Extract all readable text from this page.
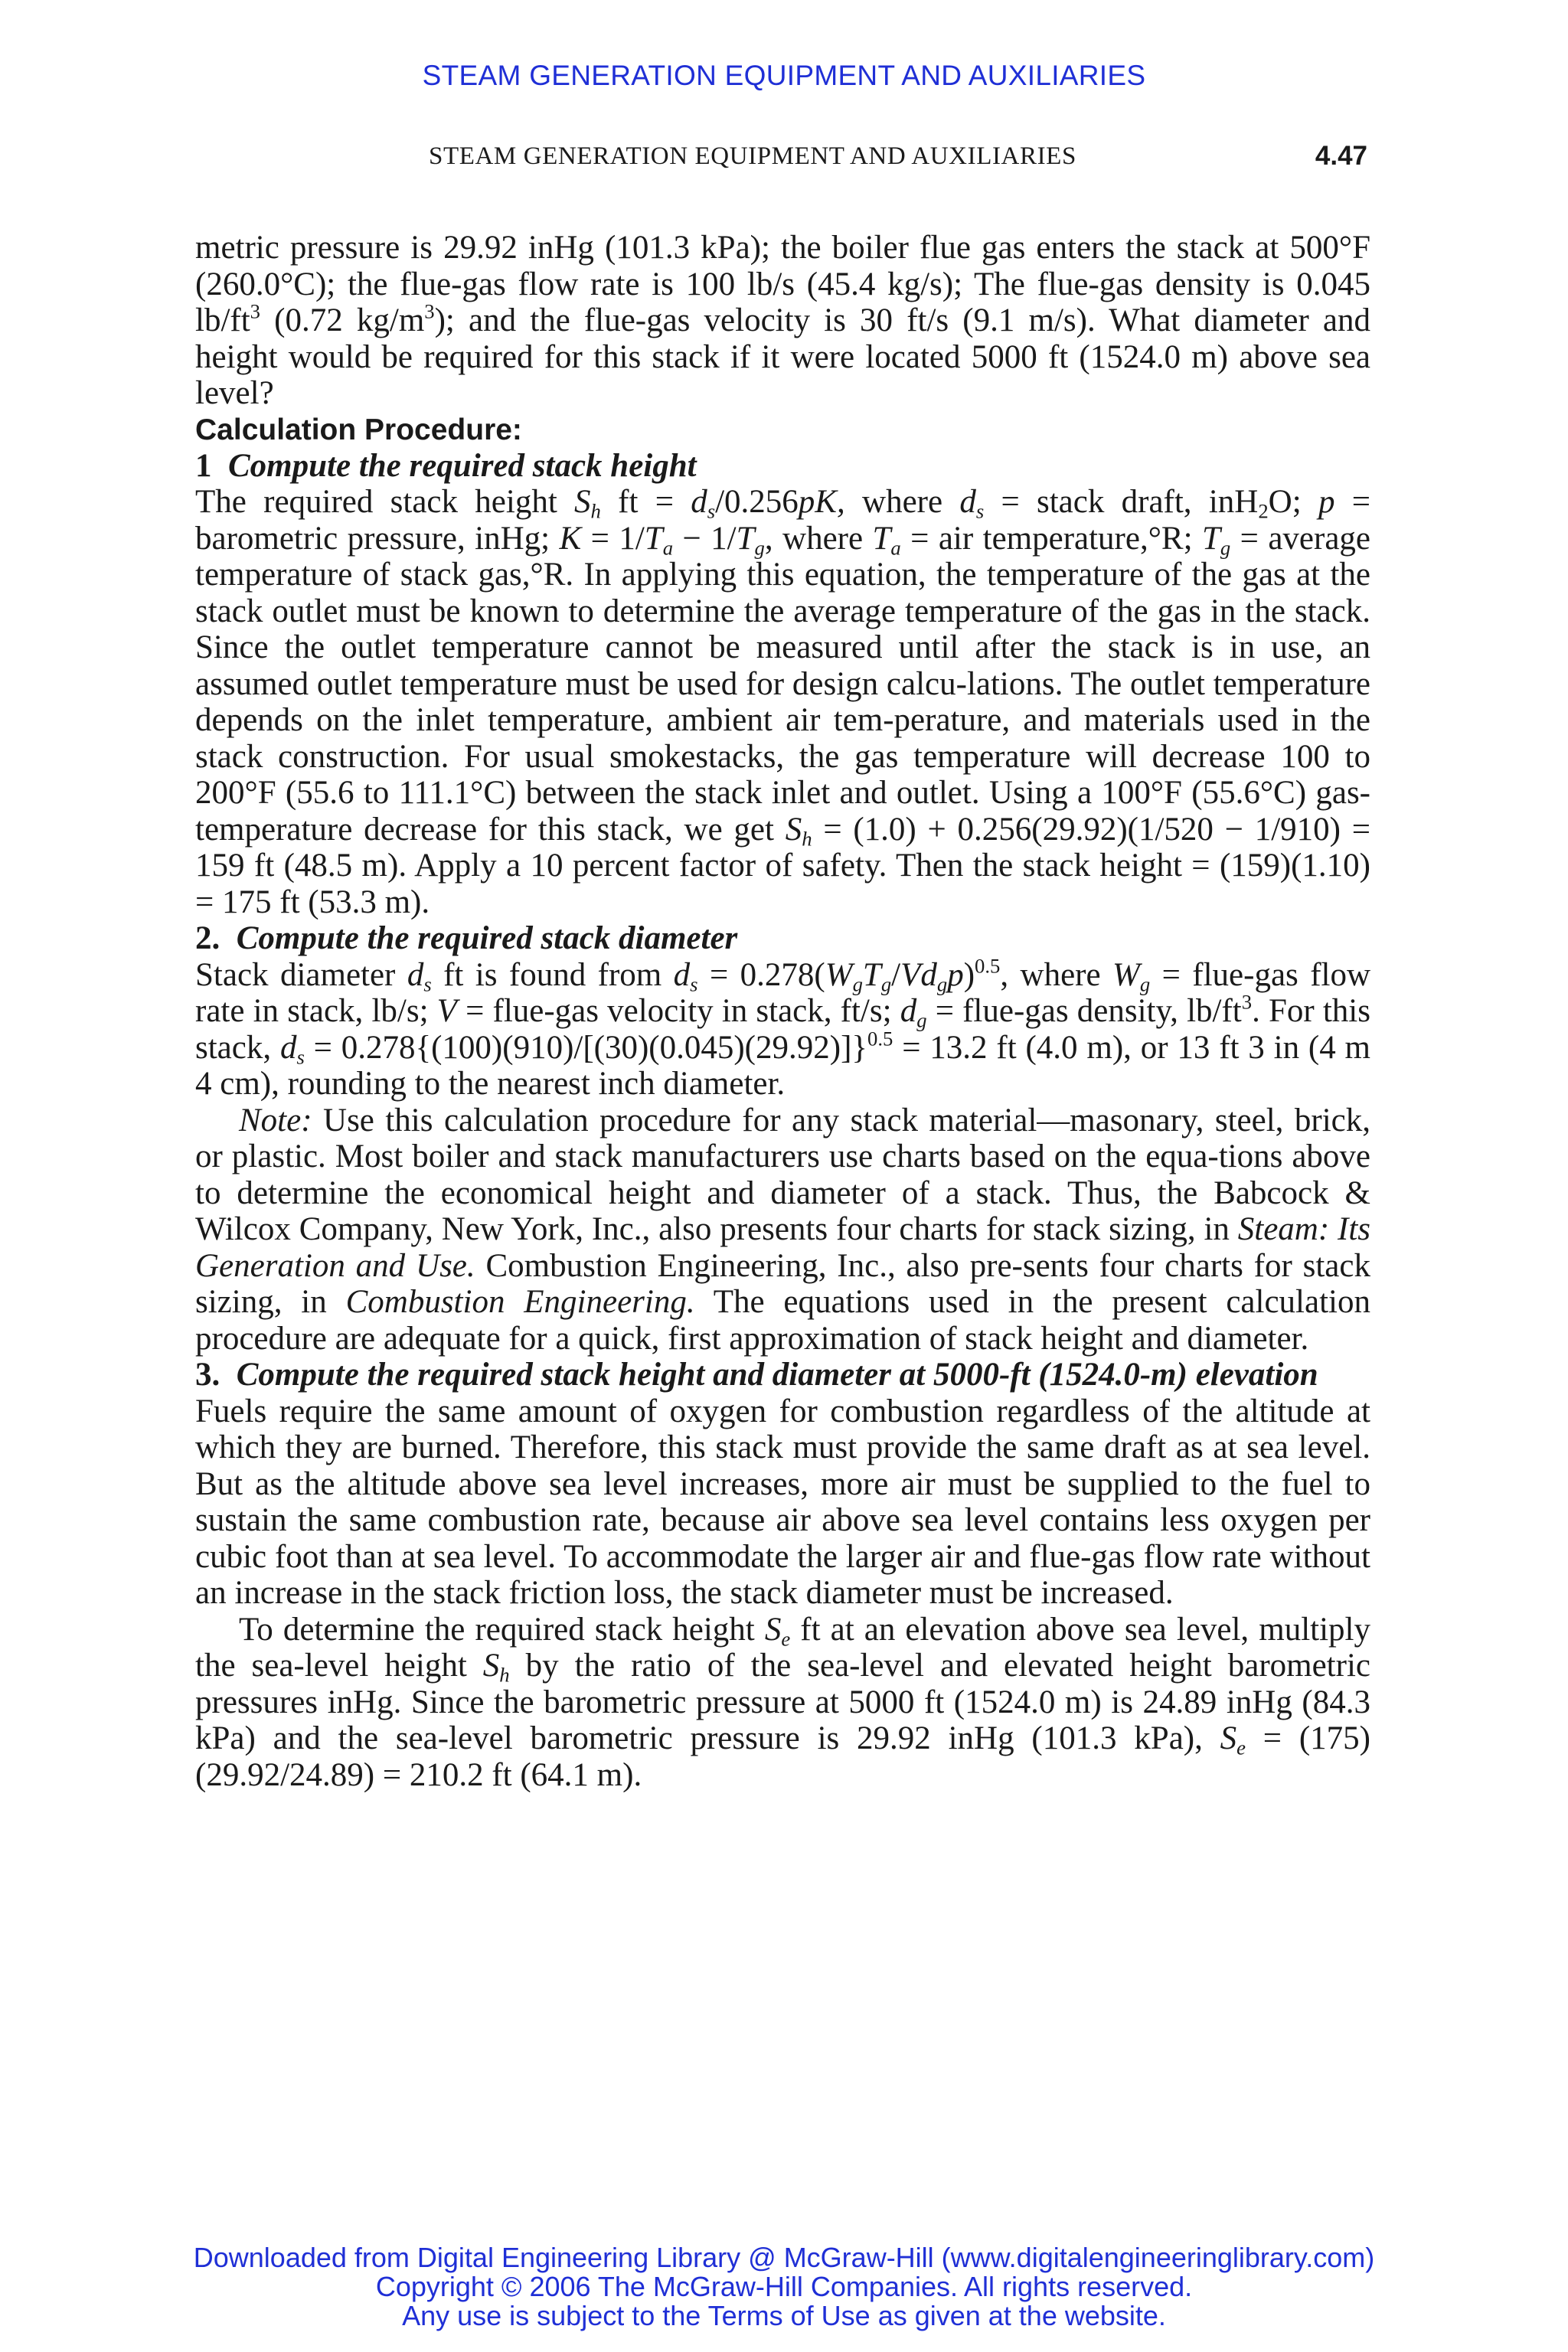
STEAM GENERATION EQUIPMENT AND AUXILIARIES
STEAM GENERATION EQUIPMENT AND AUXILIARIES	4.47

metric pressure is 29.92 inHg (101.3 kPa); the boiler flue gas enters the stack at 500°F (260.0°C); the flue-gas flow rate is 100 lb/s (45.4 kg/s); The flue-gas density is 0.045 $lb/ft^3$ (0.72 $kg/m^3$); and the flue-gas velocity is 30 ft/s (9.1 m/s). What diameter and height would be required for this stack if it were located 5000 ft (1524.0 m) above sea level?

Calculation Procedure:

1 Compute the required stack height

The required stack height $S_h$ ft = $d_s/0.256pK$, where $d_s$ = stack draft, inH$_2$O; p = barometric pressure, inHg; $K = 1/T_a - 1/T_g$, where $T_a$ = air temperature,°R; $T_g$ = average temperature of stack gas,°R. In applying this equation, the temperature of the gas at the stack outlet must be known to determine the average temperature of the gas in the stack. Since the outlet temperature cannot be measured until after the stack is in use, an assumed outlet temperature must be used for design calcu-lations. The outlet temperature depends on the inlet temperature, ambient air tem-perature, and materials used in the stack construction. For usual smokestacks, the gas temperature will decrease 100 to 200°F (55.6 to 111.1°C) between the stack inlet and outlet. Using a 100°F (55.6°C) gas-temperature decrease for this stack, we get $S_h = (1.0) + 0.256(29.92)(1/520 - 1/910) = 159$ ft (48.5 m). Apply a 10 percent factor of safety. Then the stack height = (159)(1.10) = 175 ft (53.3 m).

2. Compute the required stack diameter

Stack diameter $d_s$ ft is found from $d_s = 0.278(W_gT_g/Vd_gp)^{0.5}$, where $W_g$ = flue-gas flow rate in stack, lb/s; V = flue-gas velocity in stack, ft/s; $d_g$ = flue-gas density, $lb/ft^3$. For this stack, $d_s = 0.278\{(100)(910)/[(30)(0.045)(29.92)]\}^{0.5} = 13.2$ ft (4.0 m), or 13 ft 3 in (4 m 4 cm), rounding to the nearest inch diameter.

Note: Use this calculation procedure for any stack material—masonary, steel, brick, or plastic. Most boiler and stack manufacturers use charts based on the equa-tions above to determine the economical height and diameter of a stack. Thus, the Babcock & Wilcox Company, New York, Inc., also presents four charts for stack sizing, in Steam: Its Generation and Use. Combustion Engineering, Inc., also pre-sents four charts for stack sizing, in Combustion Engineering. The equations used in the present calculation procedure are adequate for a quick, first approximation of stack height and diameter.

3. Compute the required stack height and diameter at 5000-ft (1524.0-m) elevation

Fuels require the same amount of oxygen for combustion regardless of the altitude at which they are burned. Therefore, this stack must provide the same draft as at sea level. But as the altitude above sea level increases, more air must be supplied to the fuel to sustain the same combustion rate, because air above sea level contains less oxygen per cubic foot than at sea level. To accommodate the larger air and flue-gas flow rate without an increase in the stack friction loss, the stack diameter must be increased.

To determine the required stack height $S_e$ ft at an elevation above sea level, multiply the sea-level height $S_h$ by the ratio of the sea-level and elevated height barometric pressures inHg. Since the barometric pressure at 5000 ft (1524.0 m) is 24.89 inHg (84.3 kPa) and the sea-level barometric pressure is 29.92 inHg (101.3 kPa), $S_e = (175)(29.92/24.89) = 210.2$ ft (64.1 m).

Downloaded from Digital Engineering Library @ McGraw-Hill (www.digitalengineeringlibrary.com)
Copyright © 2006 The McGraw-Hill Companies. All rights reserved.
Any use is subject to the Terms of Use as given at the website.
